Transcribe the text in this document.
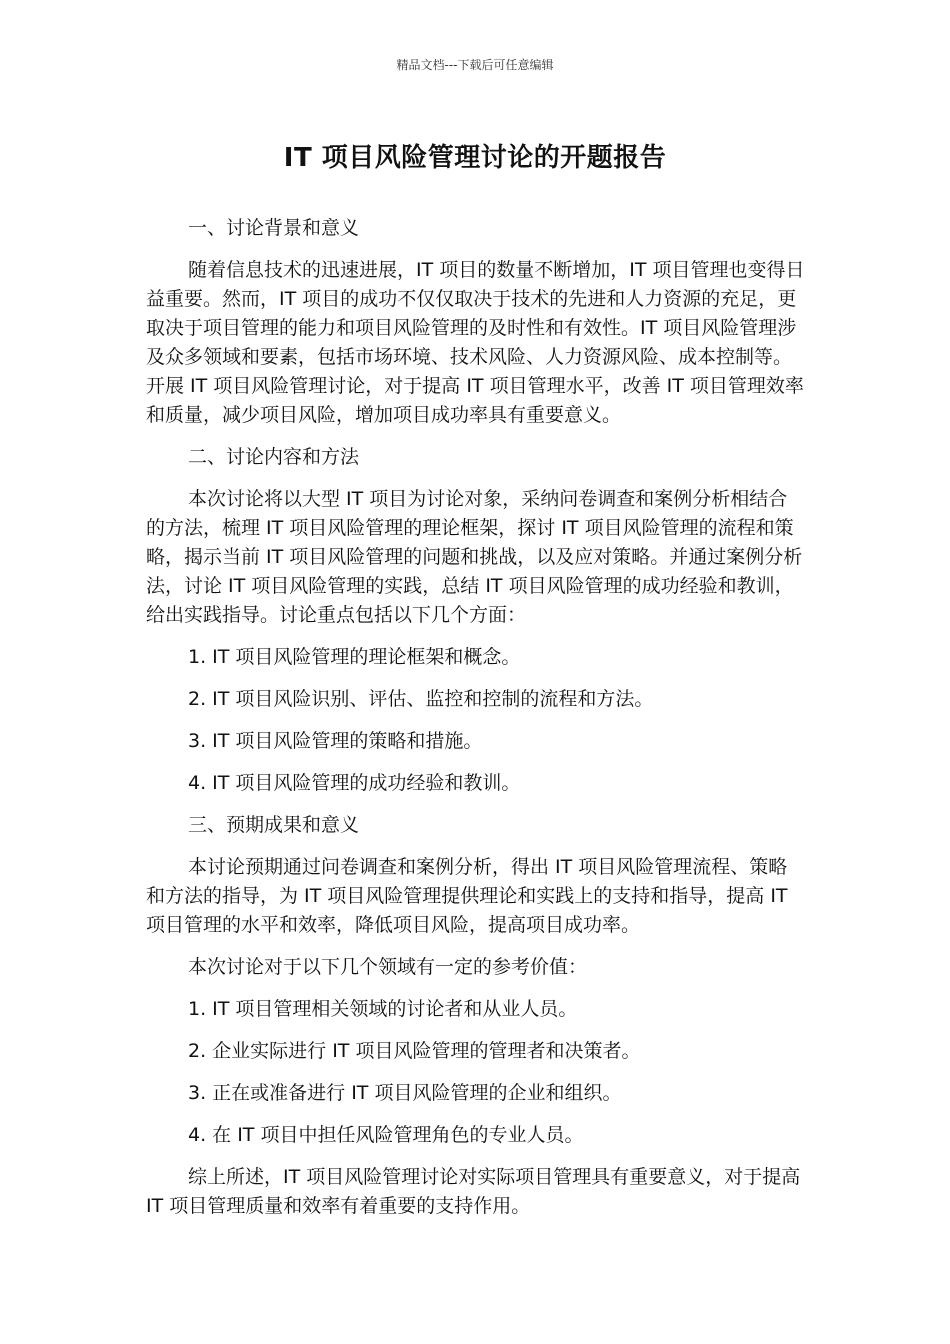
精品文档---下载后可任意编辑
IT 项目风险管理讨论的开题报告

一、讨论背景和意义

随着信息技术的迅速进展，IT 项目的数量不断增加，IT 项目管理也变得日益重要。然而，IT 项目的成功不仅仅取决于技术的先进和人力资源的充足，更取决于项目管理的能力和项目风险管理的及时性和有效性。IT 项目风险管理涉及众多领域和要素，包括市场环境、技术风险、人力资源风险、成本控制等。开展 IT 项目风险管理讨论，对于提高 IT 项目管理水平，改善 IT 项目管理效率和质量，减少项目风险，增加项目成功率具有重要意义。

二、讨论内容和方法

本次讨论将以大型 IT 项目为讨论对象，采纳问卷调查和案例分析相结合的方法，梳理 IT 项目风险管理的理论框架，探讨 IT 项目风险管理的流程和策略，揭示当前 IT 项目风险管理的问题和挑战，以及应对策略。并通过案例分析法，讨论 IT 项目风险管理的实践，总结 IT 项目风险管理的成功经验和教训，给出实践指导。讨论重点包括以下几个方面：

1. IT 项目风险管理的理论框架和概念。

2. IT 项目风险识别、评估、监控和控制的流程和方法。

3. IT 项目风险管理的策略和措施。

4. IT 项目风险管理的成功经验和教训。

三、预期成果和意义

本讨论预期通过问卷调查和案例分析，得出 IT 项目风险管理流程、策略和方法的指导，为 IT 项目风险管理提供理论和实践上的支持和指导，提高 IT 项目管理的水平和效率，降低项目风险，提高项目成功率。

本次讨论对于以下几个领域有一定的参考价值：

1. IT 项目管理相关领域的讨论者和从业人员。

2. 企业实际进行 IT 项目风险管理的管理者和决策者。

3. 正在或准备进行 IT 项目风险管理的企业和组织。

4. 在 IT 项目中担任风险管理角色的专业人员。

综上所述，IT 项目风险管理讨论对实际项目管理具有重要意义，对于提高 IT 项目管理质量和效率有着重要的支持作用。
